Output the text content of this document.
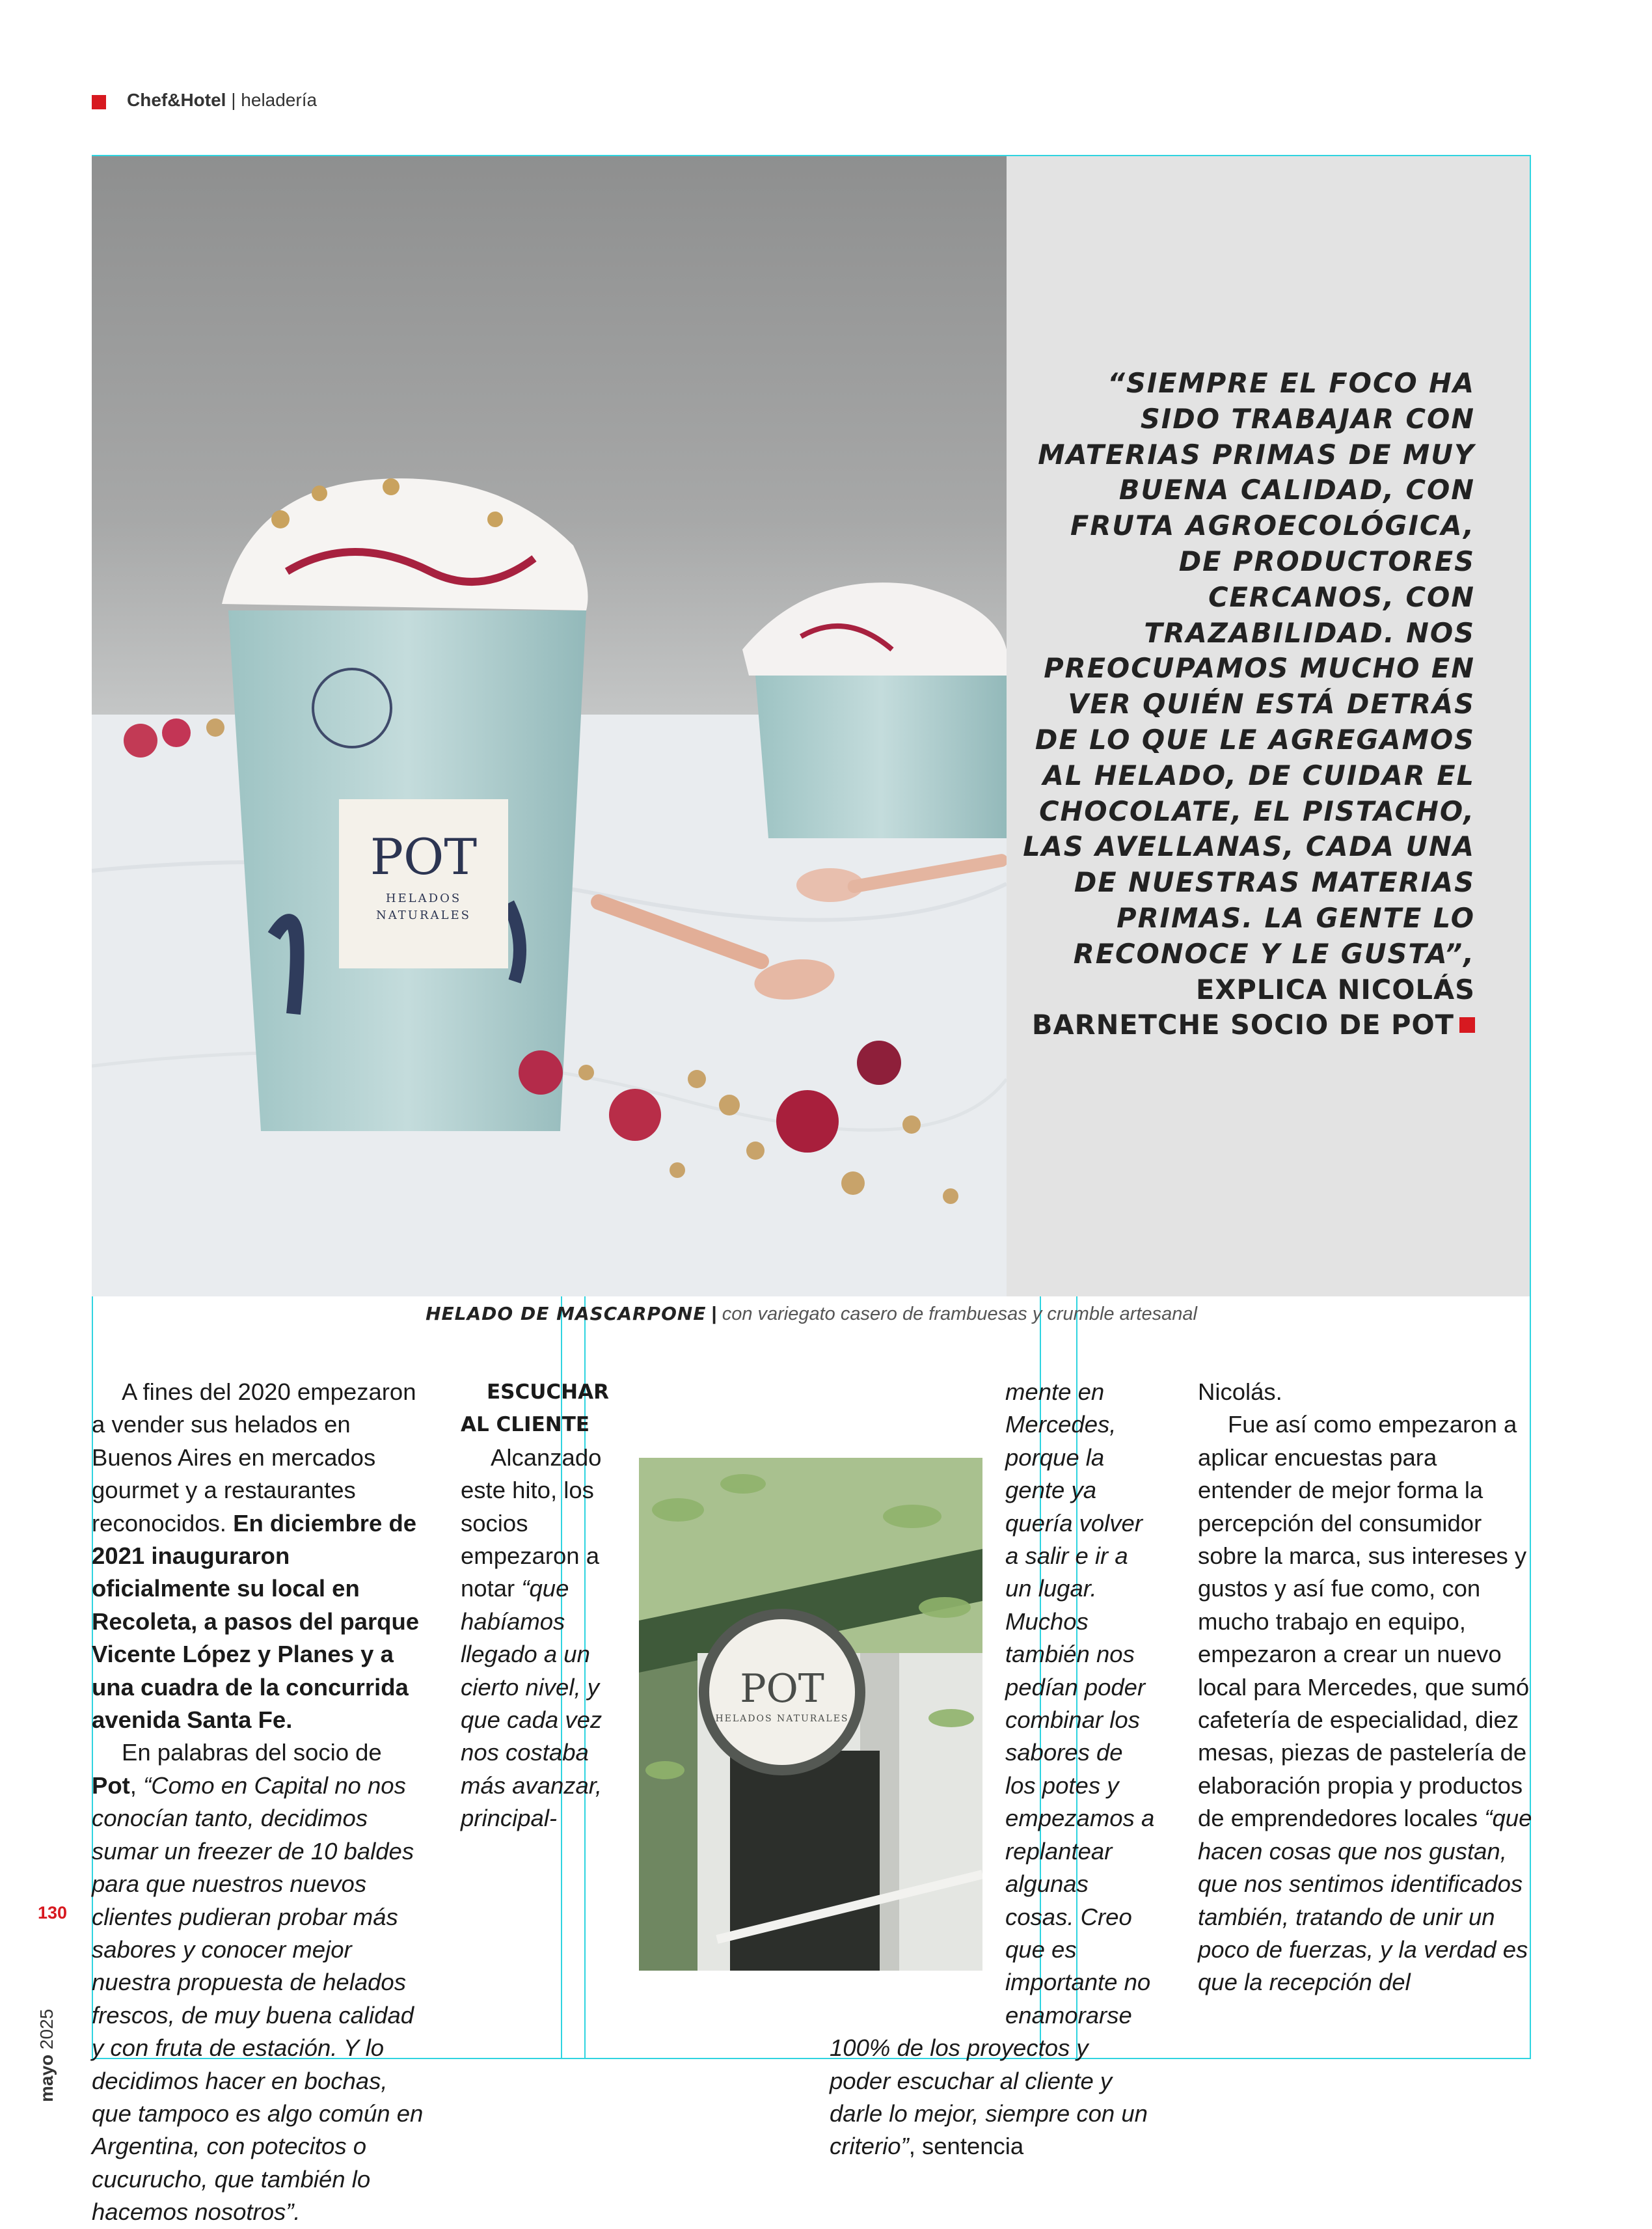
Chef&Hotel | heladería
POT
HELADOS
NATURALES
“SIEMPRE EL FOCO HA SIDO TRABAJAR CON MATERIAS PRIMAS DE MUY BUENA CALIDAD, CON FRUTA AGROECOLÓGICA, DE PRODUCTORES CERCANOS, CON TRAZABILIDAD. NOS PREOCUPAMOS MUCHO EN VER QUIÉN ESTÁ DETRÁS DE LO QUE LE AGREGAMOS AL HELADO, DE CUIDAR EL CHOCOLATE, EL PISTACHO, LAS AVELLANAS, CADA UNA DE NUESTRAS MATERIAS PRIMAS. LA GENTE LO RECONOCE Y LE GUSTA”, EXPLICA NICOLÁS BARNETCHE SOCIO DE POT
HELADO DE MASCARPONE | con variegato casero de frambuesas y crumble artesanal
POT
HELADOS NATURALES

A fines del 2020 empezaron a vender sus helados en Buenos Aires en mercados gourmet y a restaurantes reconocidos. En diciembre de 2021 inauguraron oficialmente su local en Recoleta, a pasos del parque Vicente López y Planes y a una cuadra de la concurrida avenida Santa Fe.

En palabras del socio de Pot, “Como en Capital no nos conocían tanto, decidimos sumar un freezer de 10 baldes para que nuestros nuevos clientes pudieran probar más sabores y conocer mejor nuestra propuesta de helados frescos, de muy buena calidad y con fruta de estación. Y lo decidimos hacer en bochas, que tampoco es algo común en Argentina, con potecitos o cucurucho, que también lo hacemos nosotros”.

ESCUCHAR

AL CLIENTE

Alcanzado este hito, los socios empezaron a notar “que habíamos llegado a un cierto nivel, y que cada vez nos costaba más avanzar, principal-

mente en Mercedes, porque la gente ya quería volver a salir e ir a un lugar. Muchos también nos pedían poder combinar los sabores de los potes y empezamos a replantear algunas cosas. Creo que es importante no enamorarse 100% de los proyectos y poder escuchar al cliente y darle lo mejor, siempre con un criterio”, sentencia

Nicolás.

Fue así como empezaron a aplicar encuestas para entender de mejor forma la percepción del consumidor sobre la marca, sus intereses y gustos y así fue como, con mucho trabajo en equipo, empezaron a crear un nuevo local para Mercedes, que sumó cafetería de especialidad, diez mesas, piezas de pastelería de elaboración propia y productos de emprendedores locales “que hacen cosas que nos gustan, que nos sentimos identificados también, tratando de unir un poco de fuerzas, y la verdad es que la recepción del

130
mayo 2025
